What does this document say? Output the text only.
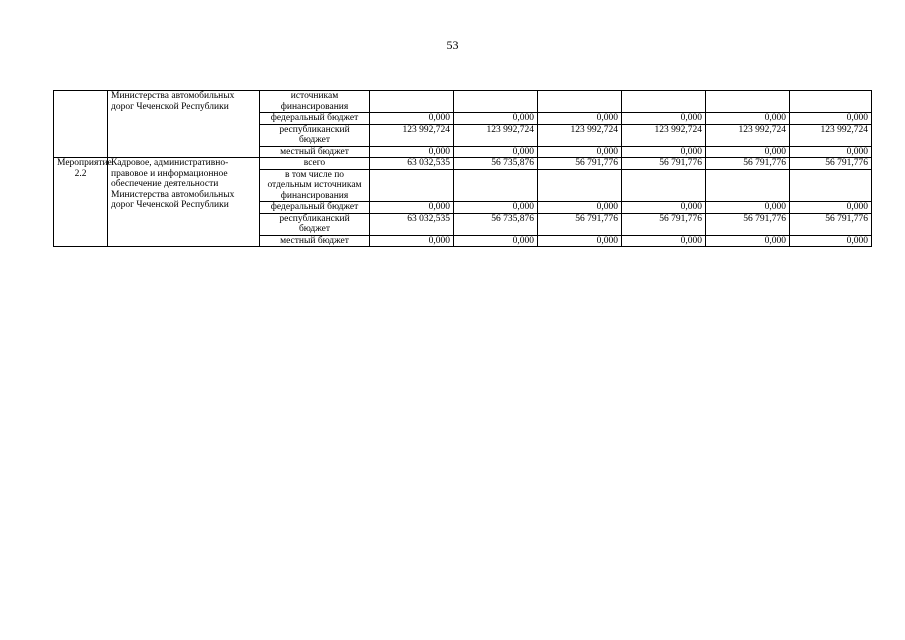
53
	Министерства автомобильных дорог Чеченской Республики	источникам финансирования						
		федеральный бюджет	0,000	0,000	0,000	0,000	0,000	0,000
		республиканский бюджет	123 992,724	123 992,724	123 992,724	123 992,724	123 992,724	123 992,724
		местный бюджет	0,000	0,000	0,000	0,000	0,000	0,000
Мероприятие 2.2	Кадровое, административно-правовое и информационное обеспечение деятельности Министерства автомобильных дорог Чеченской Республики	всего	63 032,535	56 735,876	56 791,776	56 791,776	56 791,776	56 791,776
		в том числе по отдельным источникам финансирования						
		федеральный бюджет	0,000	0,000	0,000	0,000	0,000	0,000
		республиканский бюджет	63 032,535	56 735,876	56 791,776	56 791,776	56 791,776	56 791,776
		местный бюджет	0,000	0,000	0,000	0,000	0,000	0,000
